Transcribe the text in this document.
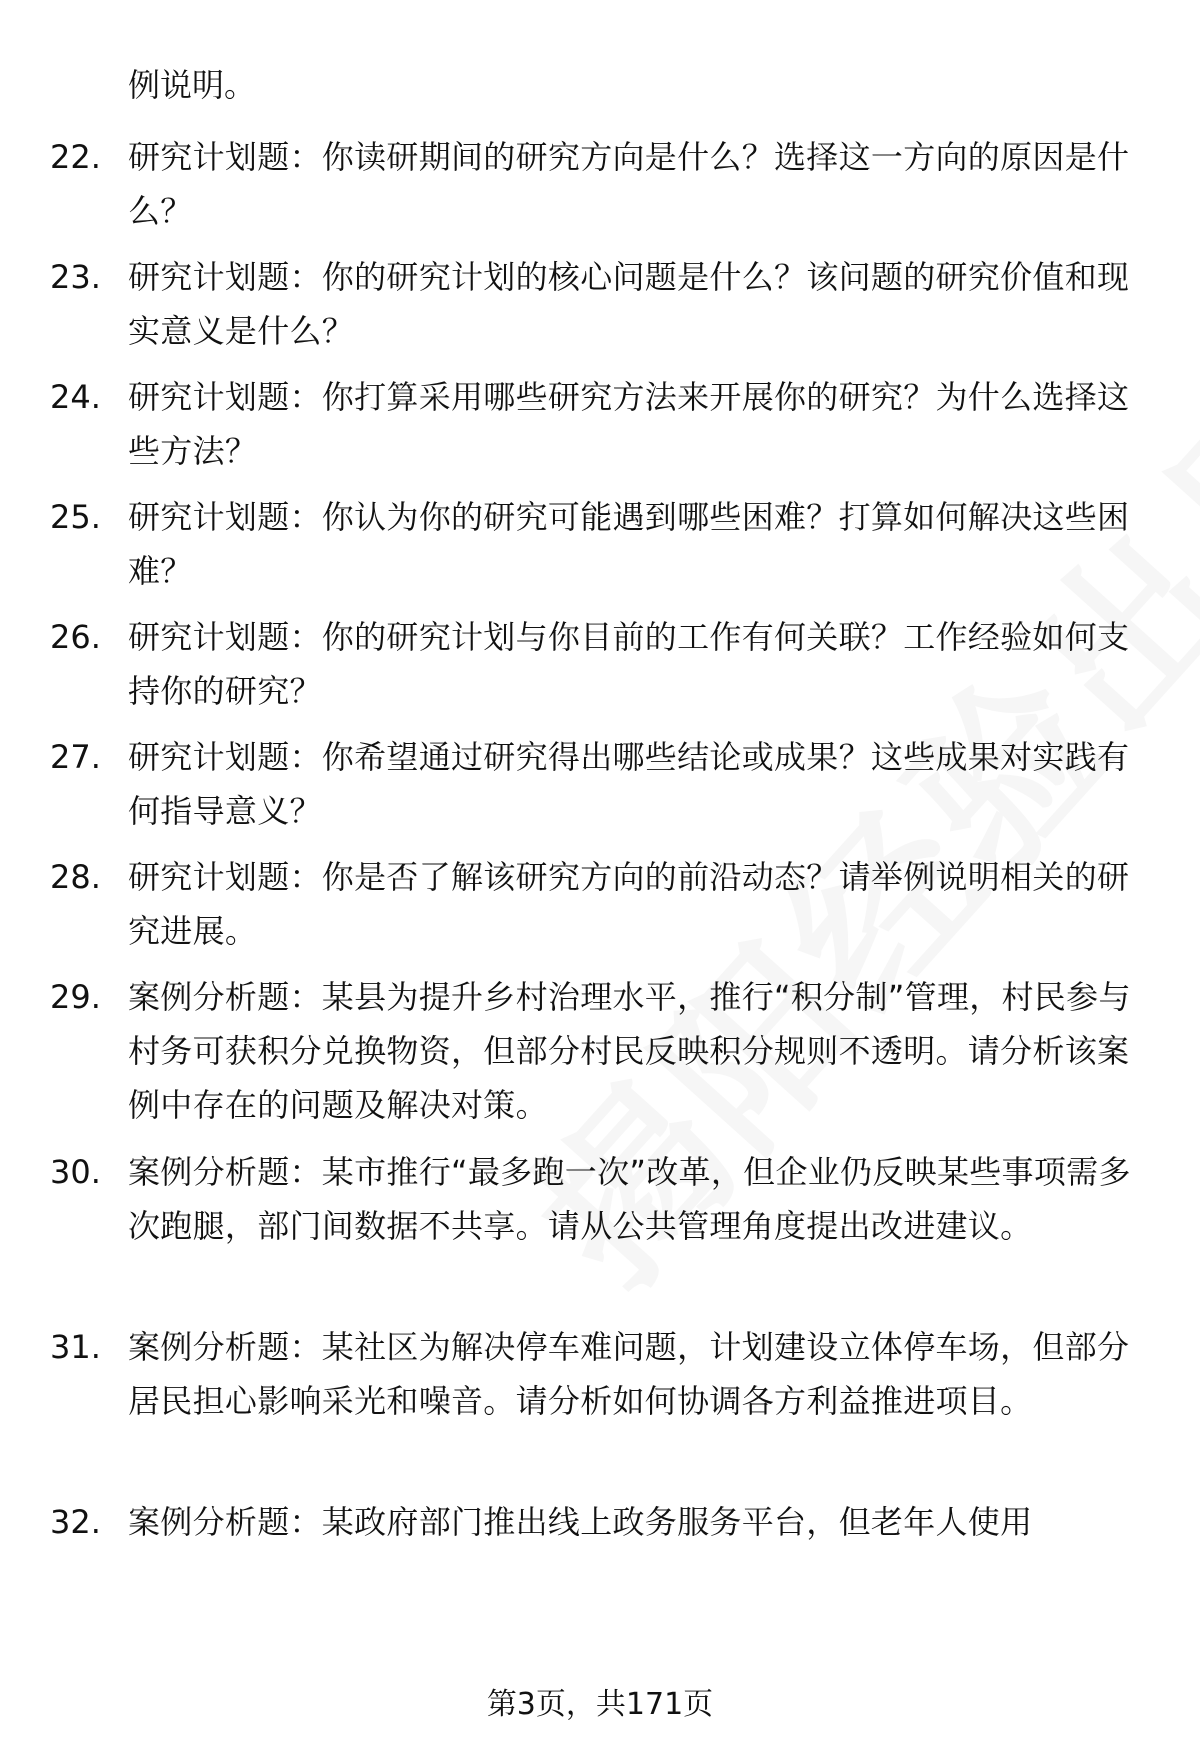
例说明。
22. 研究计划题：你读研期间的研究方向是什么？选择这一方向的原因是什么？
23. 研究计划题：你的研究计划的核心问题是什么？该问题的研究价值和现实意义是什么？
24. 研究计划题：你打算采用哪些研究方法来开展你的研究？为什么选择这些方法？
25. 研究计划题：你认为你的研究可能遇到哪些困难？打算如何解决这些困难？
26. 研究计划题：你的研究计划与你目前的工作有何关联？工作经验如何支持你的研究？
27. 研究计划题：你希望通过研究得出哪些结论或成果？这些成果对实践有何指导意义？
28. 研究计划题：你是否了解该研究方向的前沿动态？请举例说明相关的研究进展。
29. 案例分析题：某县为提升乡村治理水平，推行“积分制”管理，村民参与村务可获积分兑换物资，但部分村民反映积分规则不透明。请分析该案例中存在的问题及解决对策。
30. 案例分析题：某市推行“最多跑一次”改革，但企业仍反映某些事项需多次跑腿，部门间数据不共享。请从公共管理角度提出改进建议。
31. 案例分析题：某社区为解决停车难问题，计划建设立体停车场，但部分居民担心影响采光和噪音。请分析如何协调各方利益推进项目。
32. 案例分析题：某政府部门推出线上政务服务平台，但老年人使用
第3页，共171页
